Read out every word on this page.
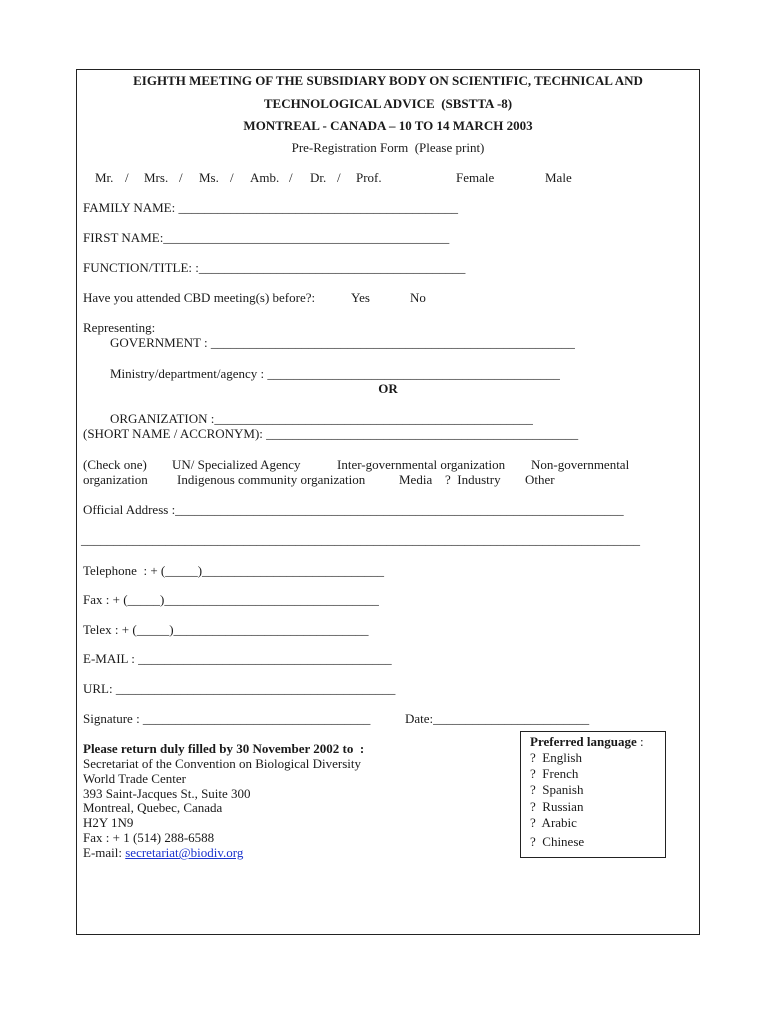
EIGHTH MEETING OF THE SUBSIDIARY BODY ON SCIENTIFIC, TECHNICAL AND
TECHNOLOGICAL ADVICE  (SBSTTA -8)
MONTREAL - CANADA – 10 TO 14 MARCH 2003
Pre-Registration Form  (Please print)
Mr. / Mrs. / Ms. / Amb. / Dr. / Prof.	Female	Male
FAMILY NAME: ___________________________________________
FIRST NAME:____________________________________________
FUNCTION/TITLE: :_________________________________________
Have you attended CBD meeting(s) before?:	Yes	No
Representing:
GOVERNMENT : ________________________________________________________
Ministry/department/agency : _____________________________________________
OR
ORGANIZATION :_________________________________________________
(SHORT NAME / ACCRONYM): ________________________________________________
(Check one) UN/ Specialized Agency	Inter-governmental organization Non-governmental
organization Indigenous community organization	Media ?  Industry Other
Official Address :_____________________________________________________________________
______________________________________________________________________________________
Telephone  : + (_____)____________________________
Fax : + (_____)_________________________________
Telex : + (_____)______________________________
E-MAIL : _______________________________________
URL: ___________________________________________
Signature : ___________________________________	Date:________________________
Please return duly filled by 30 November 2002 to  :
Secretariat of the Convention on Biological Diversity
World Trade Center
393 Saint-Jacques St., Suite 300
Montreal, Quebec, Canada
H2Y 1N9
Fax : + 1 (514) 288-6588
E-mail: secretariat@biodiv.org
Preferred language :
?  English
?  French
?  Spanish
?  Russian
?  Arabic
?  Chinese
